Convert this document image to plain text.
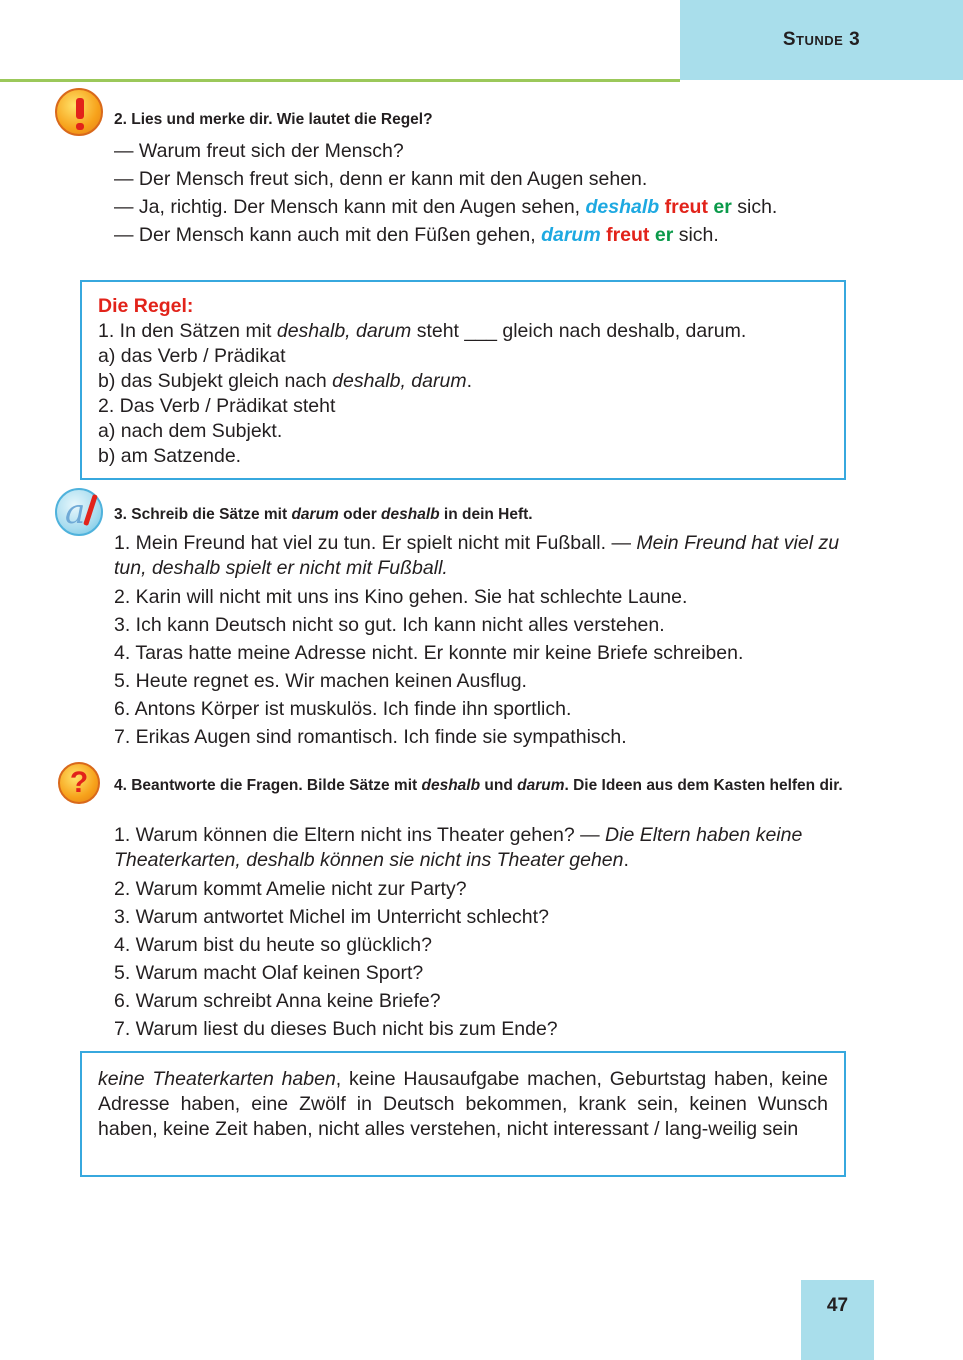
Stunde 3
2. Lies und merke dir. Wie lautet die Regel?
— Warum freut sich der Mensch?
— Der Mensch freut sich, denn er kann mit den Augen sehen.
— Ja, richtig. Der Mensch kann mit den Augen sehen, deshalb freut er sich.
— Der Mensch kann auch mit den Füßen gehen, darum freut er sich.
Die Regel:
1. In den Sätzen mit deshalb, darum steht ___ gleich nach deshalb, darum.
a) das Verb / Prädikat
b) das Subjekt gleich nach deshalb, darum.
2. Das Verb / Prädikat steht
a) nach dem Subjekt.
b) am Satzende.
a 3. Schreib die Sätze mit darum oder deshalb in dein Heft.
1. Mein Freund hat viel zu tun. Er spielt nicht mit Fußball. — Mein Freund hat viel zu tun, deshalb spielt er nicht mit Fußball.
2. Karin will nicht mit uns ins Kino gehen. Sie hat schlechte Laune.
3. Ich kann Deutsch nicht so gut. Ich kann nicht alles verstehen.
4. Taras hatte meine Adresse nicht. Er konnte mir keine Briefe schreiben.
5. Heute regnet es. Wir machen keinen Ausflug.
6. Antons Körper ist muskulös. Ich finde ihn sportlich.
7. Erikas Augen sind romantisch. Ich finde sie sympathisch.
?	4. Beantworte die Fragen. Bilde Sätze mit deshalb und darum. Die Ideen aus dem Kasten helfen dir.
1. Warum können die Eltern nicht ins Theater gehen? — Die Eltern haben keine Theaterkarten, deshalb können sie nicht ins Theater gehen.
2. Warum kommt Amelie nicht zur Party?
3. Warum antwortet Michel im Unterricht schlecht?
4. Warum bist du heute so glücklich?
5. Warum macht Olaf keinen Sport?
6. Warum schreibt Anna keine Briefe?
7. Warum liest du dieses Buch nicht bis zum Ende?
keine Theaterkarten haben, keine Hausaufgabe machen, Geburtstag haben, keine Adresse haben, eine Zwölf in Deutsch bekommen, krank sein, keinen Wunsch haben, keine Zeit haben, nicht alles verstehen, nicht interessant / lang-weilig sein
47
